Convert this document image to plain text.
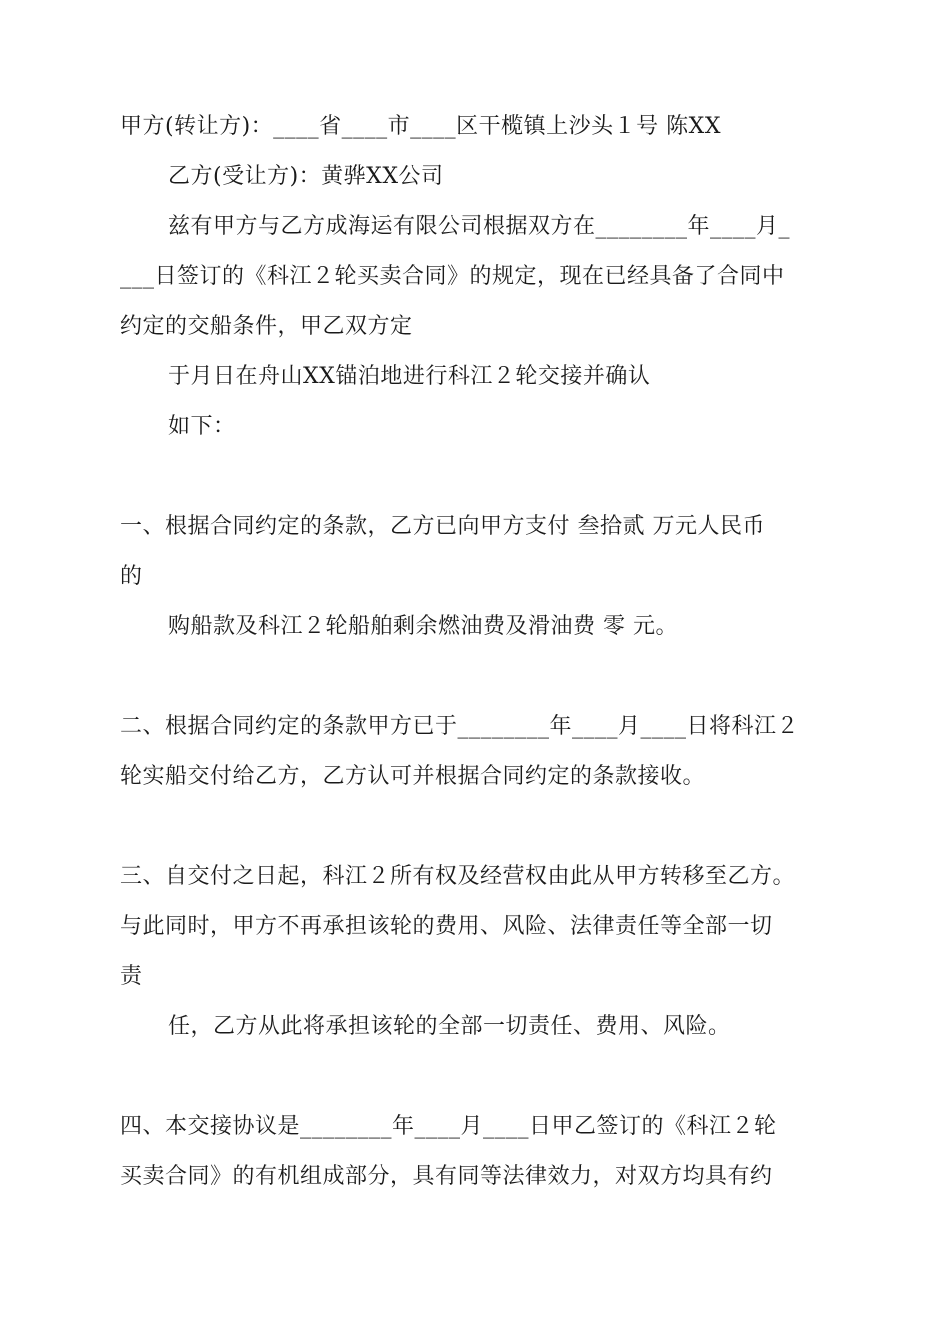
甲方(转让方)：____省____市____区干榄镇上沙头１号 陈XX
乙方(受让方)：黄骅XX公司
兹有甲方与乙方成海运有限公司根据双方在________年____月_
___日签订的《科江２轮买卖合同》的规定，现在已经具备了合同中
约定的交船条件，甲乙双方定
于月日在舟山XX锚泊地进行科江２轮交接并确认
如下：
一、根据合同约定的条款，乙方已向甲方支付 叁拾贰 万元人民币
的
购船款及科江２轮船舶剩余燃油费及滑油费 零 元。
二、根据合同约定的条款甲方已于________年____月____日将科江２
轮实船交付给乙方，乙方认可并根据合同约定的条款接收。
三、自交付之日起，科江２所有权及经营权由此从甲方转移至乙方。
与此同时，甲方不再承担该轮的费用、风险、法律责任等全部一切
责
任，乙方从此将承担该轮的全部一切责任、费用、风险。
四、本交接协议是________年____月____日甲乙签订的《科江２轮
买卖合同》的有机组成部分，具有同等法律效力，对双方均具有约
